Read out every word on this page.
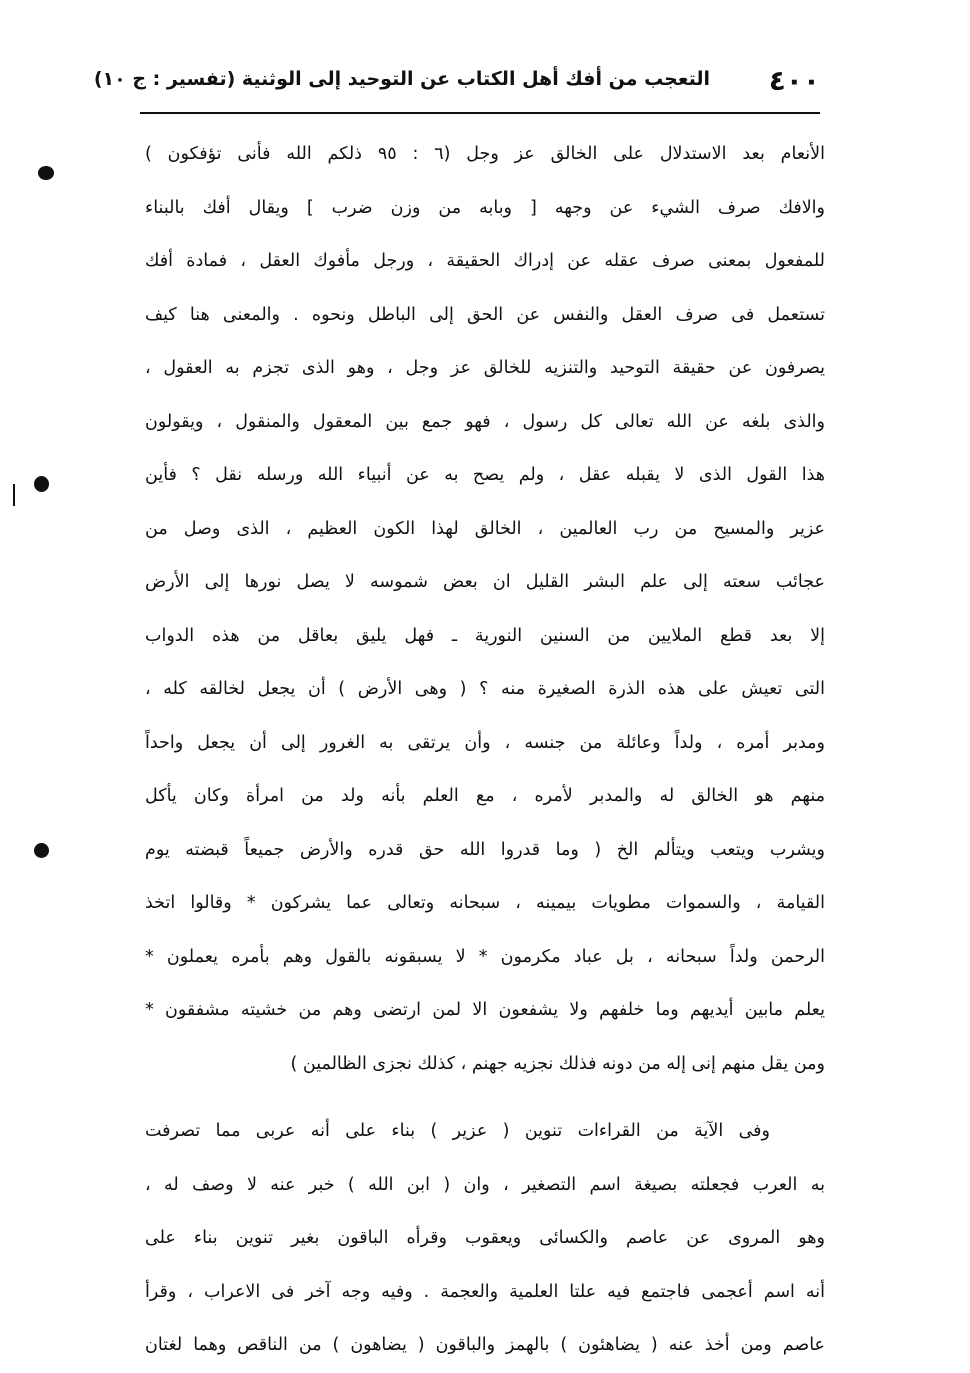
٤٠٠
التعجب من أفك أهل الكتاب عن التوحيد إلى الوثنية (تفسير : ج ١٠)
الأنعام بعد الاستدلال على الخالق عز وجل (٦ : ٩٥ ذلكم الله فأنى تؤفكون )
والافك صرف الشيء عن وجهه [ وبابه من وزن ضرب ] ويقال أفك بالبناء
للمفعول بمعنى صرف عقله عن إدراك الحقيقة ، ورجل مأفوك العقل ، فمادة أفك
تستعمل فى صرف العقل والنفس عن الحق إلى الباطل ونحوه . والمعنى هنا كيف
يصرفون عن حقيقة التوحيد والتنزيه للخالق عز وجل ، وهو الذى تجزم به العقول ،
والذى بلغه عن الله تعالى كل رسول ، فهو جمع بين المعقول والمنقول ، ويقولون
هذا القول الذى لا يقبله عقل ، ولم يصح به عن أنبياء الله ورسله نقل ؟ فأين
عزير والمسيح من رب العالمين ، الخالق لهذا الكون العظيم ، الذى وصل من
عجائب سعته إلى علم البشر القليل ان بعض شموسه لا يصل نورها إلى الأرض
إلا بعد قطع الملايين من السنين النورية ـ فهل يليق بعاقل من هذه الدواب
التى تعيش على هذه الذرة الصغيرة منه ؟ ( وهى الأرض ) أن يجعل لخالقه كله ،
ومدبر أمره ، ولداً وعائلة من جنسه ، وأن يرتقى به الغرور إلى أن يجعل واحداً
منهم هو الخالق له والمدبر لأمره ، مع العلم بأنه ولد من امرأة وكان يأكل
ويشرب ويتعب ويتألم الخ ( وما قدروا الله حق قدره والأرض جميعاً قبضته يوم
القيامة ، والسموات مطويات بيمينه ، سبحانه وتعالى عما يشركون * وقالوا اتخذ
الرحمن ولداً سبحانه ، بل عباد مكرمون * لا يسبقونه بالقول وهم بأمره يعملون *
يعلم مابين أيديهم وما خلفهم ولا يشفعون الا لمن ارتضى وهم من خشيته مشفقون *
ومن يقل منهم إنى إله من دونه فذلك نجزيه جهنم ، كذلك نجزى الظالمين )
وفى الآية من القراءات تنوين ( عزير ) بناء على أنه عربى مما تصرفت
به العرب فجعلته بصيغة اسم التصغير ، وان ( ابن الله ) خبر عنه لا وصف له ،
وهو المروى عن عاصم والكسائى ويعقوب وقرأه الباقون بغير تنوين بناء على
أنه اسم أعجمى فاجتمع فيه علتا العلمية والعجمة . وفيه وجه آخر فى الاعراب ، وقرأ
عاصم ومن أخذ عنه ( يضاهئون ) بالهمز والباقون ( يضاهون ) من الناقص وهما لغتان
